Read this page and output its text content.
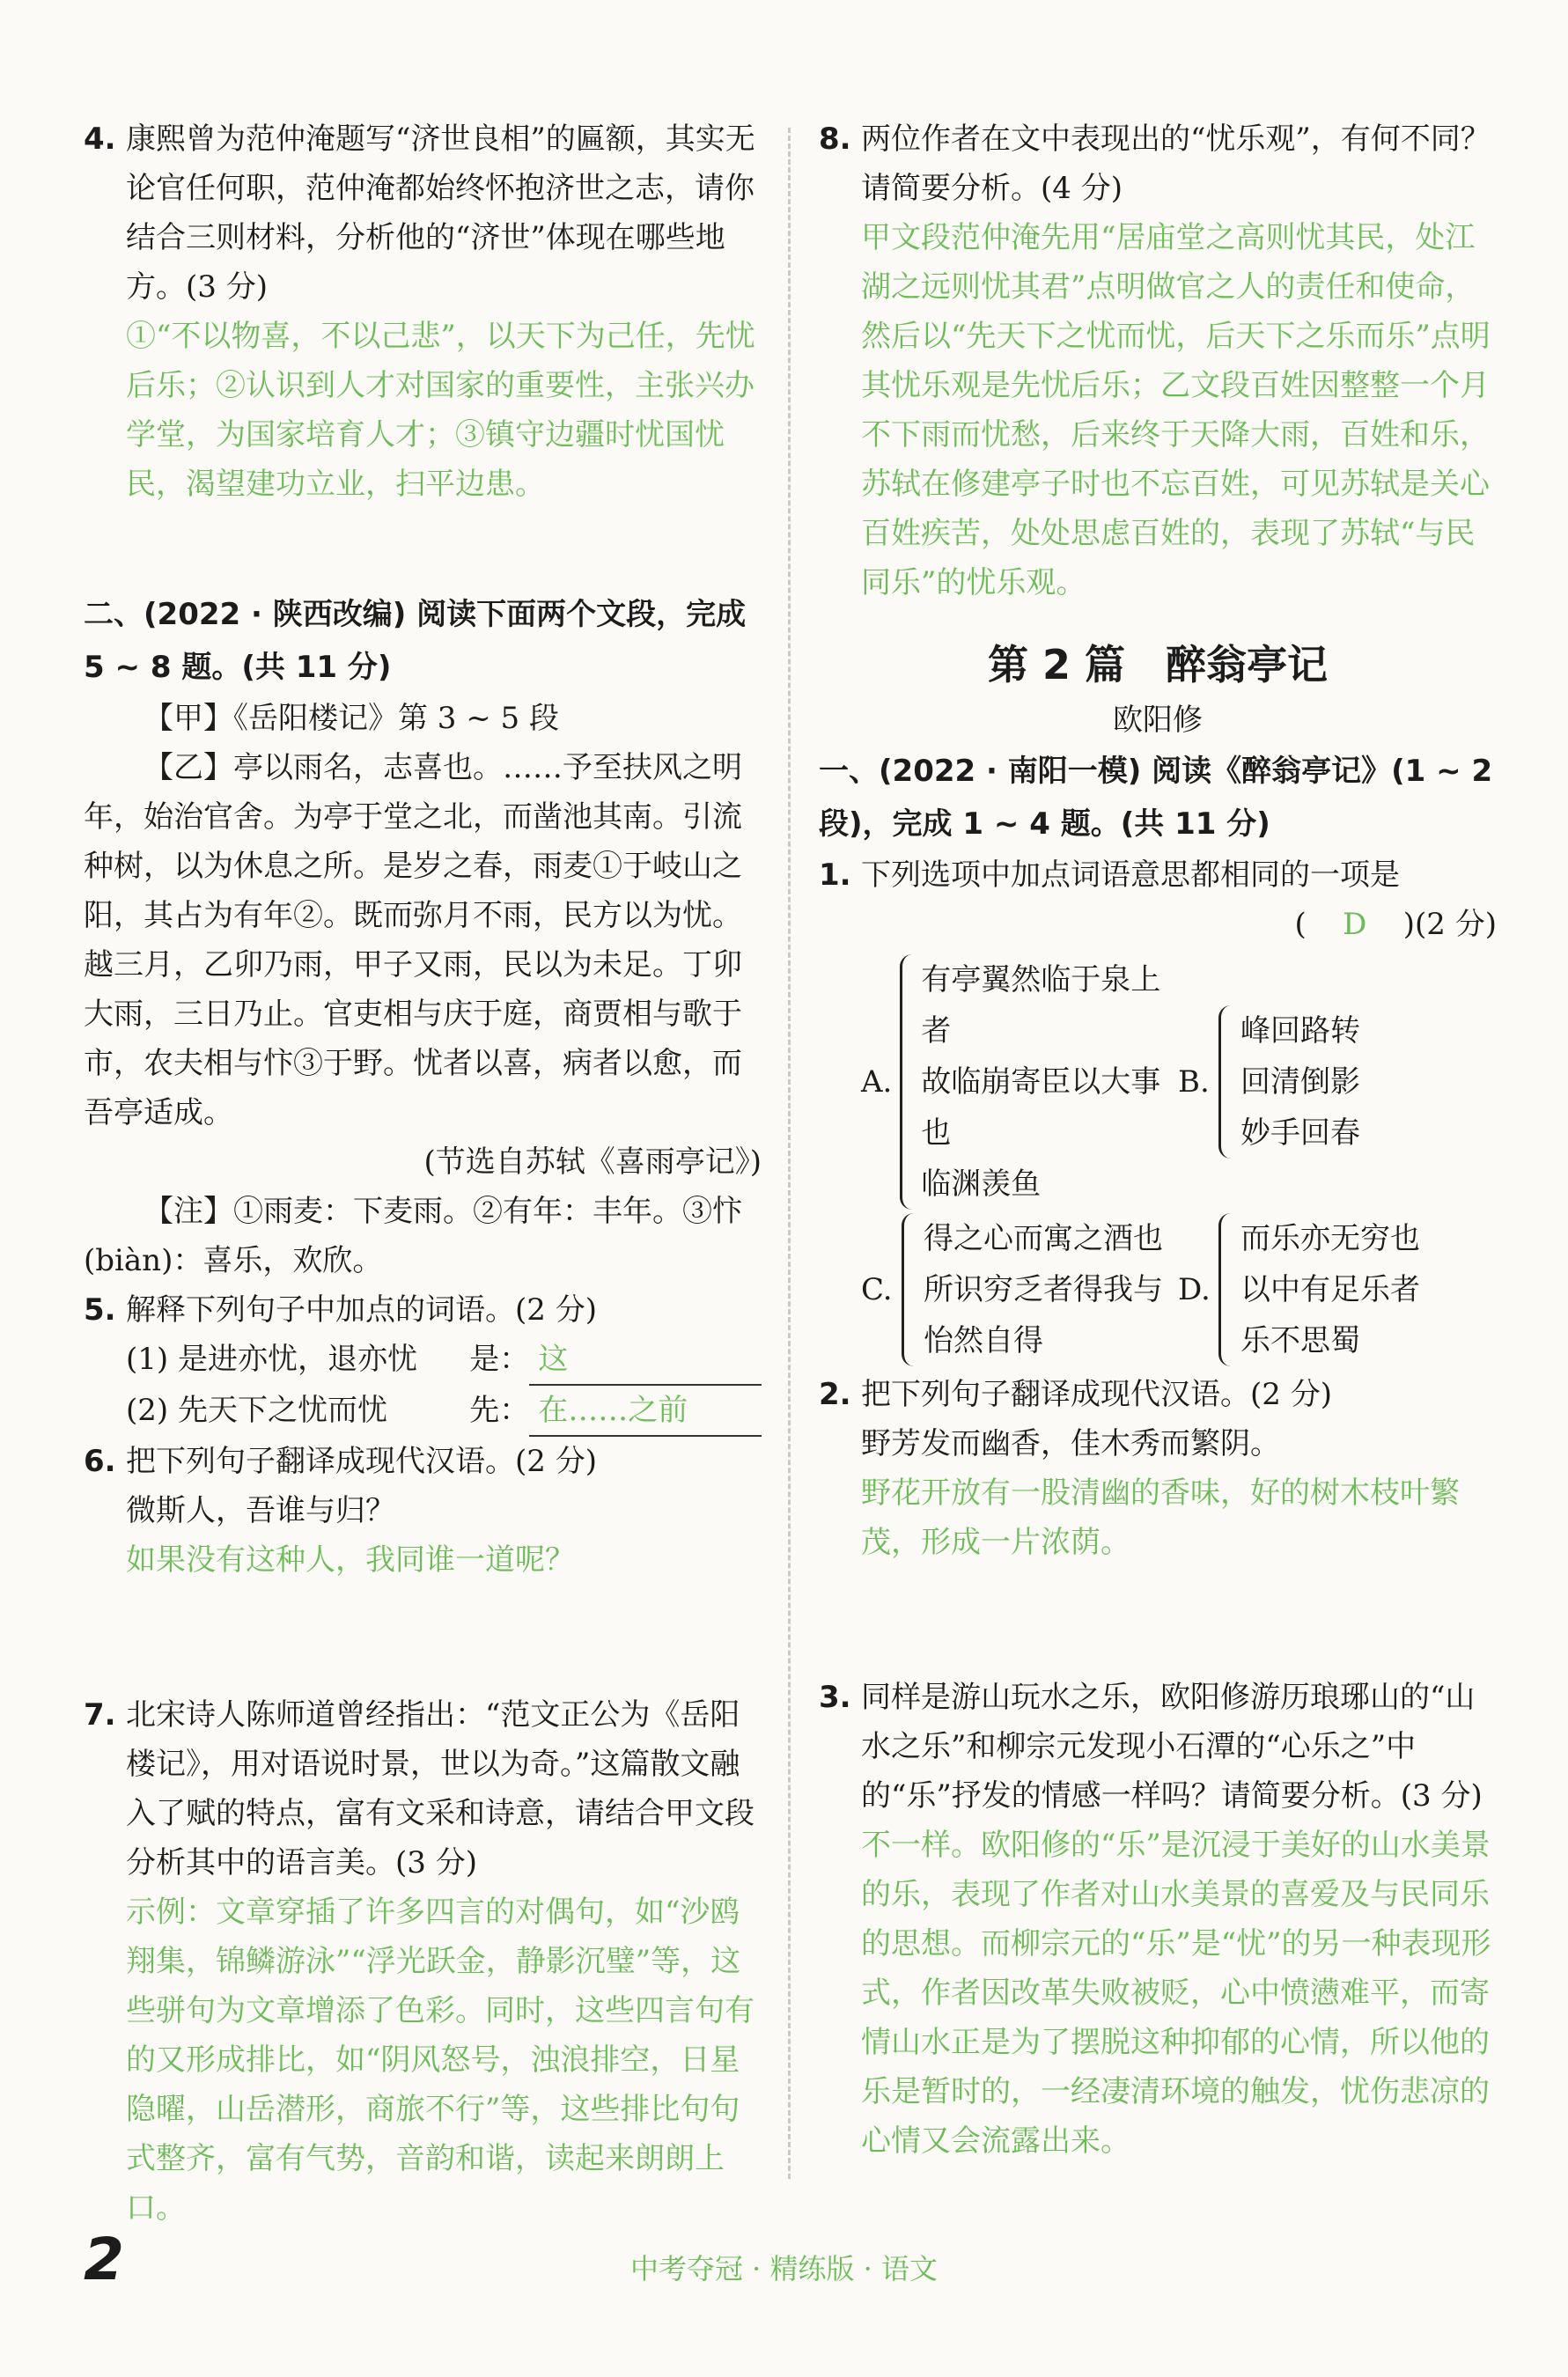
4. 康熙曾为范仲淹题写“济世良相”的匾额，其实无论官任何职，范仲淹都始终怀抱济世之志，请你结合三则材料，分析他的“济世”体现在哪些地方。(3 分)
①“不以物喜，不以己悲”，以天下为己任，先忧后乐；②认识到人才对国家的重要性，主张兴办学堂，为国家培育人才；③镇守边疆时忧国忧民，渴望建功立业，扫平边患。
二、(2022 · 陕西改编) 阅读下面两个文段，完成 5 ~ 8 题。(共 11 分)
【甲】《岳阳楼记》第 3 ~ 5 段
【乙】亭以雨名，志喜也。……予至扶风之明年，始治官舍。为亭于堂之北，而凿池其南。引流种树，以为休息之所。是岁之春，雨麦①于岐山之阳，其占为有年②。既而弥月不雨，民方以为忧。越三月，乙卯乃雨，甲子又雨，民以为未足。丁卯大雨，三日乃止。官吏相与庆于庭，商贾相与歌于市，农夫相与忭③于野。忧者以喜，病者以愈，而吾亭适成。
(节选自苏轼《喜雨亭记》)
【注】①雨麦：下麦雨。②有年：丰年。③忭(biàn)：喜乐，欢欣。
5. 解释下列句子中加点的词语。(2 分)
(1) 是进亦忧，退亦忧	是： 这
(2) 先天下之忧而忧	先： 在……之前
6. 把下列句子翻译成现代汉语。(2 分)
微斯人，吾谁与归？
如果没有这种人，我同谁一道呢？
7. 北宋诗人陈师道曾经指出：“范文正公为《岳阳楼记》，用对语说时景，世以为奇。”这篇散文融入了赋的特点，富有文采和诗意，请结合甲文段分析其中的语言美。(3 分)
示例：文章穿插了许多四言的对偶句，如“沙鸥翔集，锦鳞游泳”“浮光跃金，静影沉璧”等，这些骈句为文章增添了色彩。同时，这些四言句有的又形成排比，如“阴风怒号，浊浪排空，日星隐曜，山岳潜形，商旅不行”等，这些排比句句式整齐，富有气势，音韵和谐，读起来朗朗上口。
8. 两位作者在文中表现出的“忧乐观”，有何不同？请简要分析。(4 分)
甲文段范仲淹先用“居庙堂之高则忧其民，处江湖之远则忧其君”点明做官之人的责任和使命，然后以“先天下之忧而忧，后天下之乐而乐”点明其忧乐观是先忧后乐；乙文段百姓因整整一个月不下雨而忧愁，后来终于天降大雨，百姓和乐，苏轼在修建亭子时也不忘百姓，可见苏轼是关心百姓疾苦，处处思虑百姓的，表现了苏轼“与民同乐”的忧乐观。
第 2 篇　醉翁亭记
欧阳修
一、(2022 · 南阳一模) 阅读《醉翁亭记》(1 ~ 2 段)，完成 1 ~ 4 题。(共 11 分)
1. 下列选项中加点词语意思都相同的一项是
( D )(2 分)
A.
有亭翼然临于泉上者
故临崩寄臣以大事也
临渊羡鱼
B.
峰回路转
回清倒影
妙手回春
C.
得之心而寓之酒也
所识穷乏者得我与
怡然自得
D.
而乐亦无穷也
以中有足乐者
乐不思蜀
2. 把下列句子翻译成现代汉语。(2 分)
野芳发而幽香，佳木秀而繁阴。
野花开放有一股清幽的香味，好的树木枝叶繁茂，形成一片浓荫。
3. 同样是游山玩水之乐，欧阳修游历琅琊山的“山水之乐”和柳宗元发现小石潭的“心乐之”中的“乐”抒发的情感一样吗？请简要分析。(3 分)
不一样。欧阳修的“乐”是沉浸于美好的山水美景的乐，表现了作者对山水美景的喜爱及与民同乐的思想。而柳宗元的“乐”是“忧”的另一种表现形式，作者因改革失败被贬，心中愤懑难平，而寄情山水正是为了摆脱这种抑郁的心情，所以他的乐是暂时的，一经凄清环境的触发，忧伤悲凉的心情又会流露出来。
2	中考夺冠 · 精练版 · 语文
